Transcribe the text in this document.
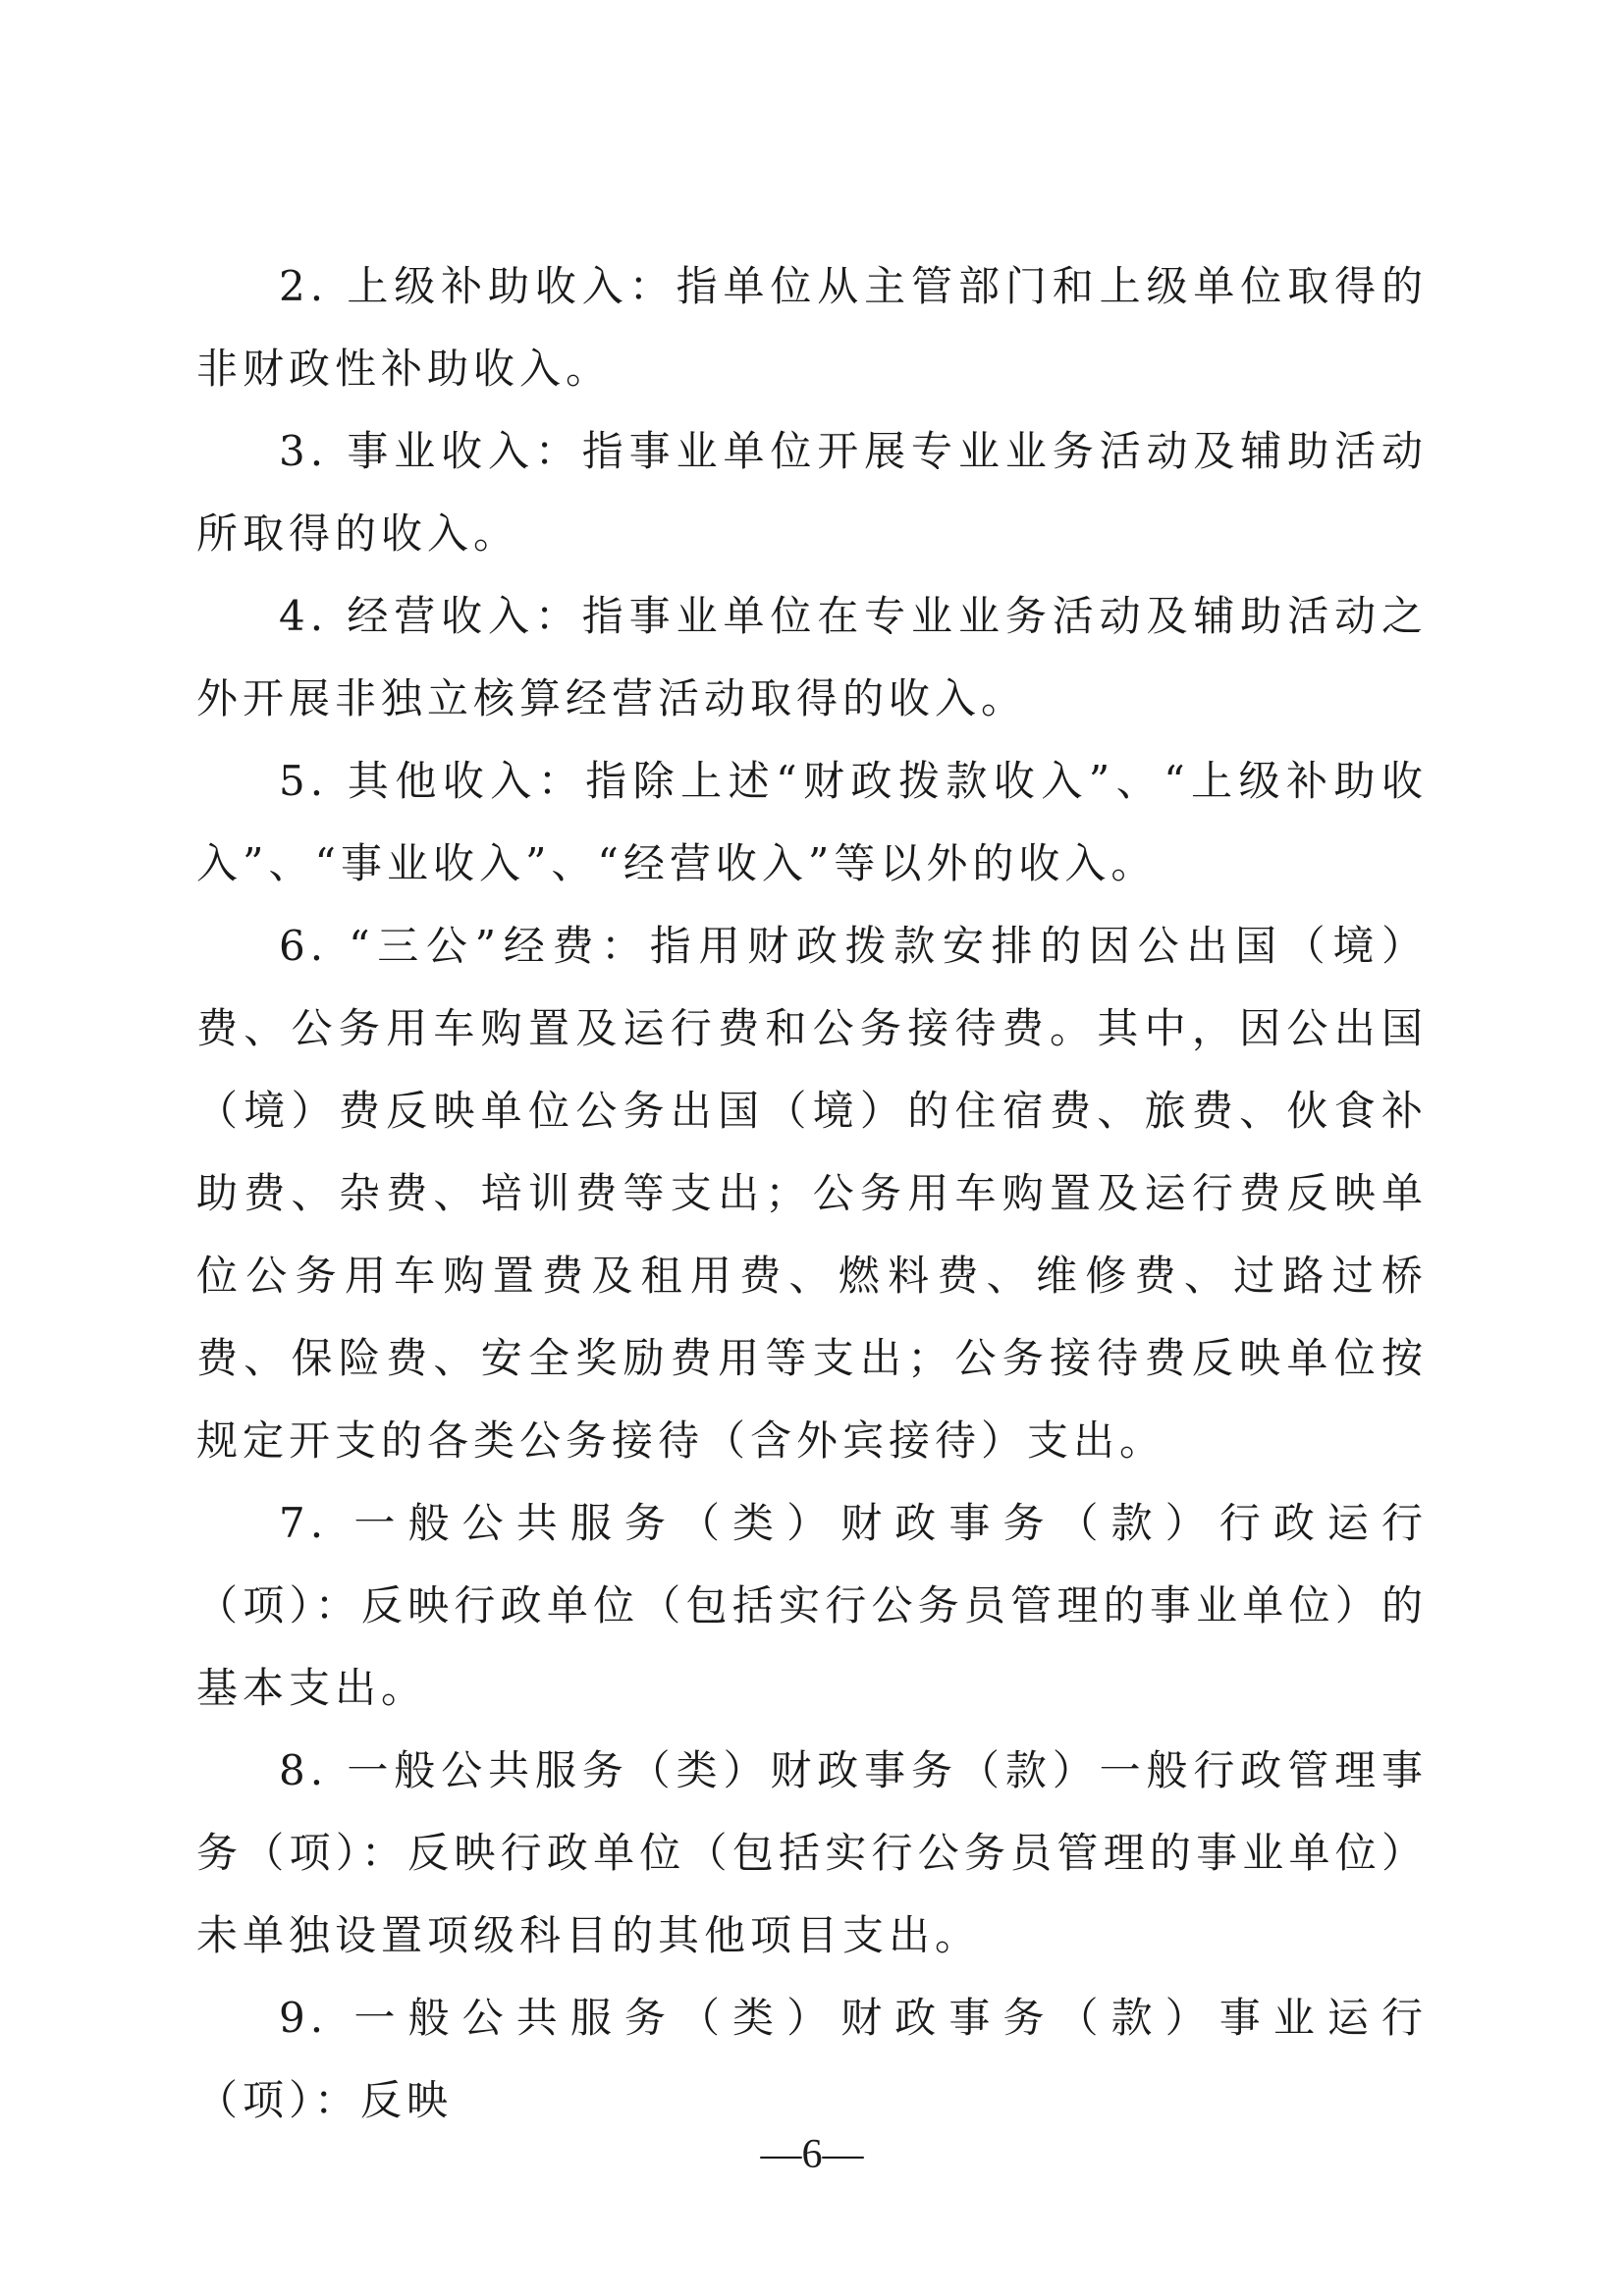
2. 上级补助收入：指单位从主管部门和上级单位取得的非财政性补助收入。

3. 事业收入：指事业单位开展专业业务活动及辅助活动所取得的收入。

4. 经营收入：指事业单位在专业业务活动及辅助活动之外开展非独立核算经营活动取得的收入。

5. 其他收入：指除上述“财政拨款收入”、“上级补助收入”、“事业收入”、“经营收入”等以外的收入。

6. “三公”经费：指用财政拨款安排的因公出国（境）费、公务用车购置及运行费和公务接待费。其中，因公出国（境）费反映单位公务出国（境）的住宿费、旅费、伙食补助费、杂费、培训费等支出；公务用车购置及运行费反映单位公务用车购置费及租用费、燃料费、维修费、过路过桥费、保险费、安全奖励费用等支出；公务接待费反映单位按规定开支的各类公务接待（含外宾接待）支出。

7. 一般公共服务（类）财政事务（款）行政运行（项）：反映行政单位（包括实行公务员管理的事业单位）的基本支出。

8. 一般公共服务（类）财政事务（款）一般行政管理事务（项）：反映行政单位（包括实行公务员管理的事业单位）未单独设置项级科目的其他项目支出。

9. 一般公共服务（类）财政事务（款）事业运行（项）：反映

—6—
